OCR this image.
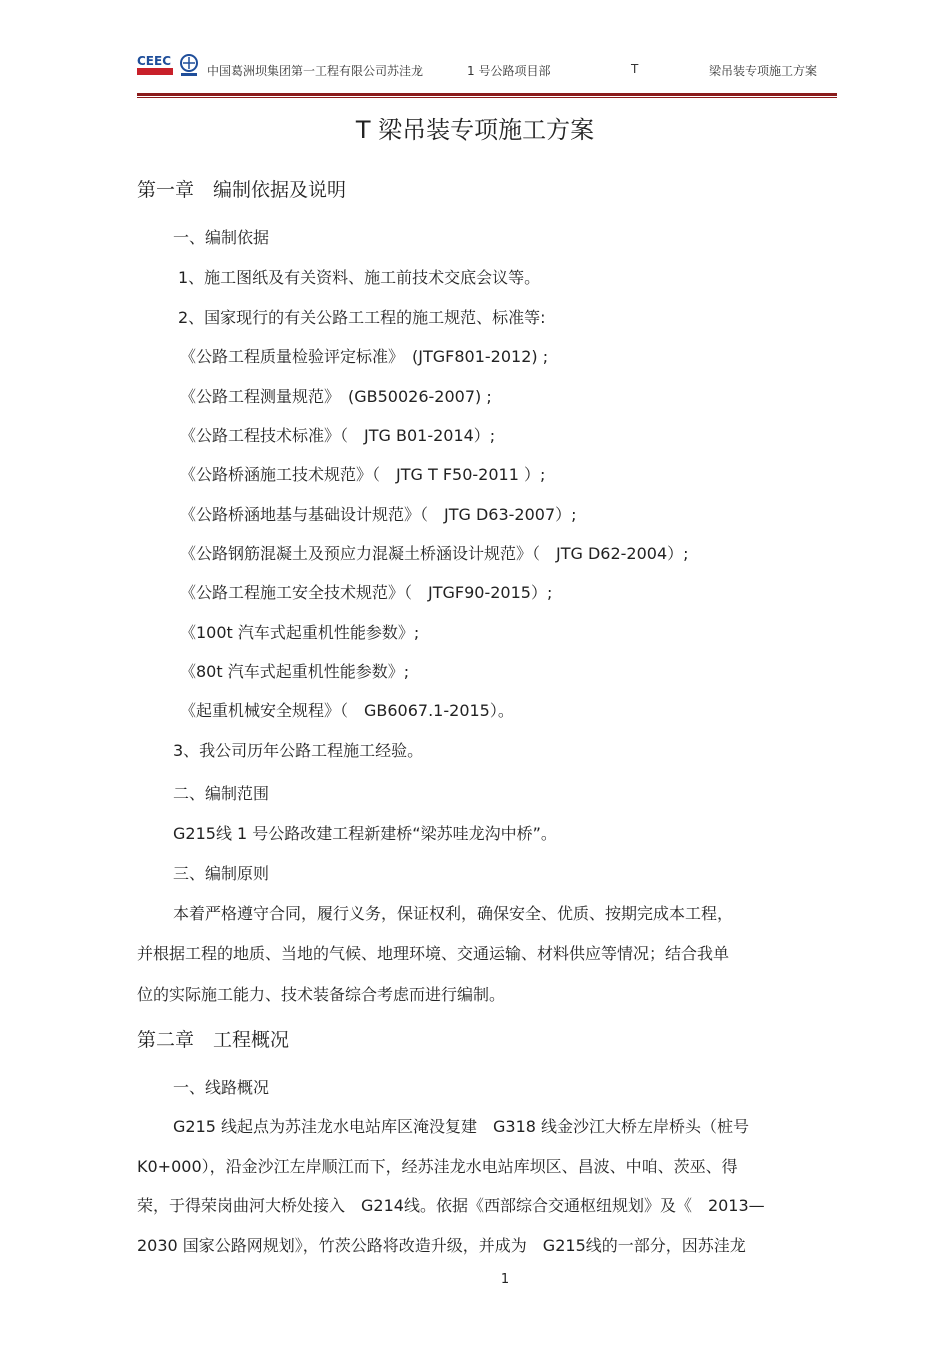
CEEC
中国葛洲坝集团第一工程有限公司苏洼龙	1 号公路项目部	T	梁吊装专项施工方案
T 梁吊装专项施工方案
第一章　编制依据及说明
一、编制依据
1、施工图纸及有关资料、施工前技术交底会议等。
2、国家现行的有关公路工工程的施工规范、标准等:
《公路工程质量检验评定标准》　(JTGF801-2012) ;
《公路工程测量规范》　(GB50026-2007) ;
《公路工程技术标准》（　JTG B01-2014）;
《公路桥涵施工技术规范》（　JTG T F50-2011 ）;
《公路桥涵地基与基础设计规范》（　JTG D63-2007）;
《公路钢筋混凝土及预应力混凝土桥涵设计规范》（　JTG D62-2004）;
《公路工程施工安全技术规范》（　JTGF90-2015）;
《100t 汽车式起重机性能参数》;
《80t 汽车式起重机性能参数》;
《起重机械安全规程》（　GB6067.1-2015）。
3、我公司历年公路工程施工经验。
二、编制范围
G215线 1 号公路改建工程新建桥“梁苏哇龙沟中桥”。
三、编制原则
本着严格遵守合同，履行义务，保证权利，确保安全、优质、按期完成本工程，
并根据工程的地质、当地的气候、地理环境、交通运输、材料供应等情况；结合我单
位的实际施工能力、技术装备综合考虑而进行编制。
第二章　工程概况
一、线路概况
G215 线起点为苏洼龙水电站库区淹没复建　G318 线金沙江大桥左岸桥头（桩号
K0+000），沿金沙江左岸顺江而下，经苏洼龙水电站库坝区、昌波、中咱、茨巫、得
荣，于得荣岗曲河大桥处接入　G214线。依据《西部综合交通枢纽规划》及《　2013—
2030 国家公路网规划》，竹茨公路将改造升级，并成为　G215线的一部分，因苏洼龙
1
